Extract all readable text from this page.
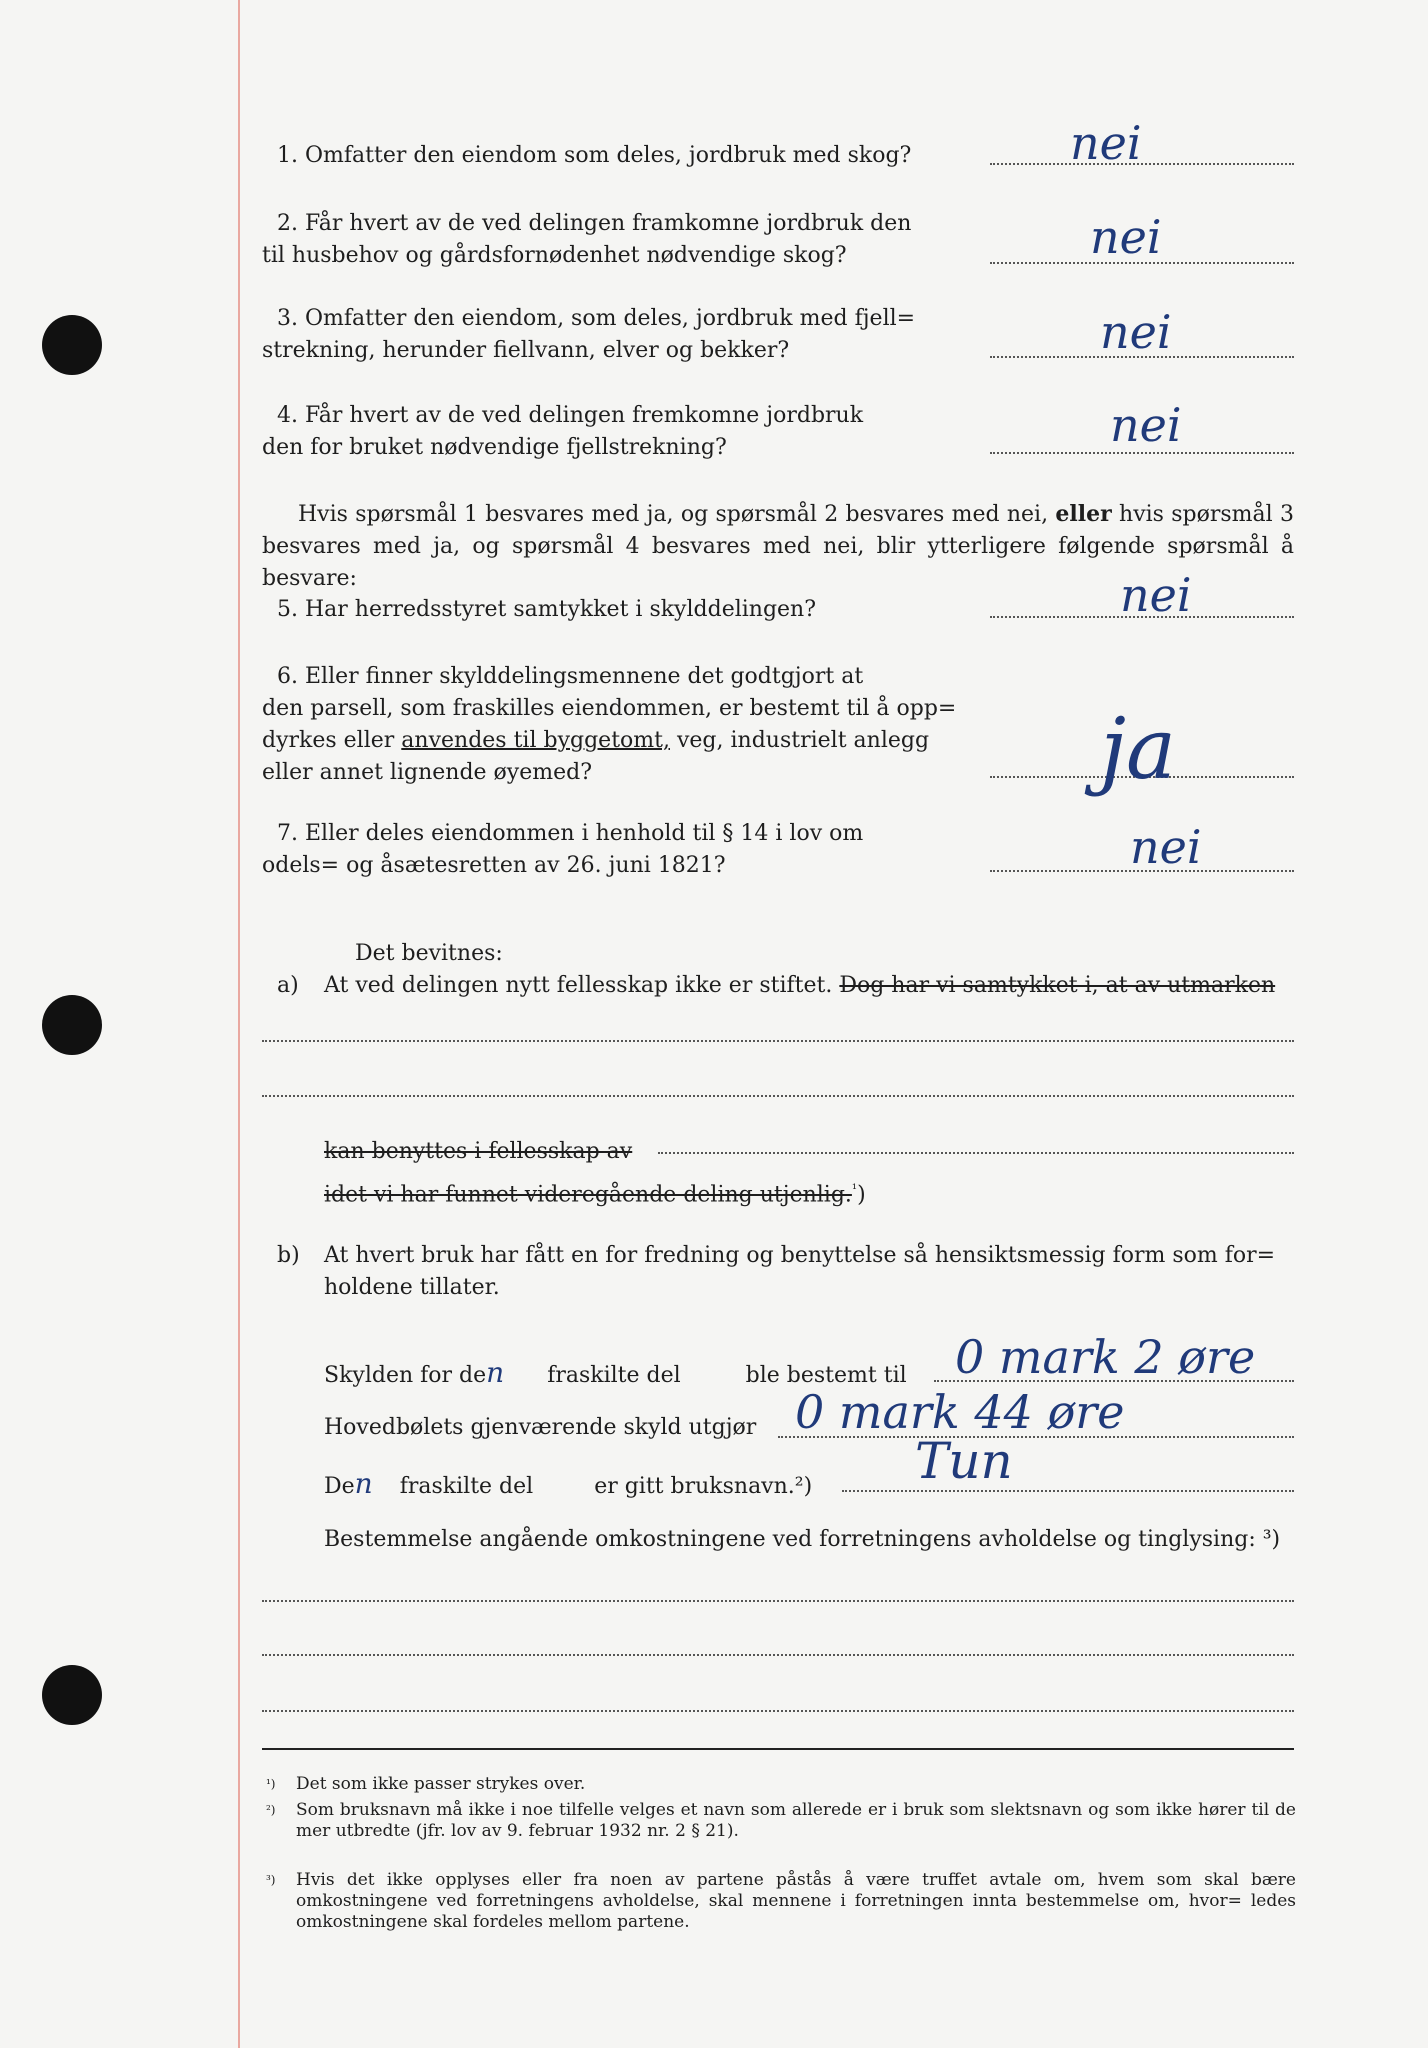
1. Omfatter den eiendom som deles, jordbruk med skog?	nei
2. Får hvert av de ved delingen framkomne jordbruk den
til husbehov og gårdsfornødenhet nødvendige skog?	nei
3. Omfatter den eiendom, som deles, jordbruk med fjell=
strekning, herunder fiellvann, elver og bekker?	nei
4. Får hvert av de ved delingen fremkomne jordbruk
den for bruket nødvendige fjellstrekning?	nei
Hvis spørsmål 1 besvares med ja, og spørsmål 2 besvares med nei, eller hvis spørsmål 3 besvares med ja, og spørsmål 4 besvares med nei, blir ytterligere følgende spørsmål å besvare:
5. Har herredsstyret samtykket i skylddelingen?	nei
6. Eller finner skylddelingsmennene det godtgjort at
den parsell, som fraskilles eiendommen, er bestemt til å opp=
dyrkes eller anvendes til byggetomt, veg, industrielt anlegg
eller annet lignende øyemed?	ja
7. Eller deles eiendommen i henhold til § 14 i lov om
odels= og åsætesretten av 26. juni 1821?	nei
Det bevitnes:
a) At ved delingen nytt fellesskap ikke er stiftet. Dog har vi samtykket i, at av utmarken
kan benyttes i fellesskap av
idet vi har funnet videregående deling utjenlig.$^{^1}$)
b) At hvert bruk har fått en for fredning og benyttelse så hensiktsmessig form som for=
holdene tillater.
Skylden for den fraskilte del	ble bestemt til 0 mark 2 øre
Hovedbølets gjenværende skyld utgjør 0 mark 44 øre
Den fraskilte del	er gitt bruksnavn.²) Tun
Bestemmelse angående omkostningene ved forretningens avholdelse og tinglysing: ³)
¹) Det som ikke passer strykes over.
²) Som bruksnavn må ikke i noe tilfelle velges et navn som allerede er i bruk som slektsnavn og som ikke hører til de mer utbredte (jfr. lov av 9. februar 1932 nr. 2 § 21).
³) Hvis det ikke opplyses eller fra noen av partene påstås å være truffet avtale om, hvem som skal bære omkostningene ved forretningens avholdelse, skal mennene i forretningen innta bestemmelse om, hvor= ledes omkostningene skal fordeles mellom partene.
